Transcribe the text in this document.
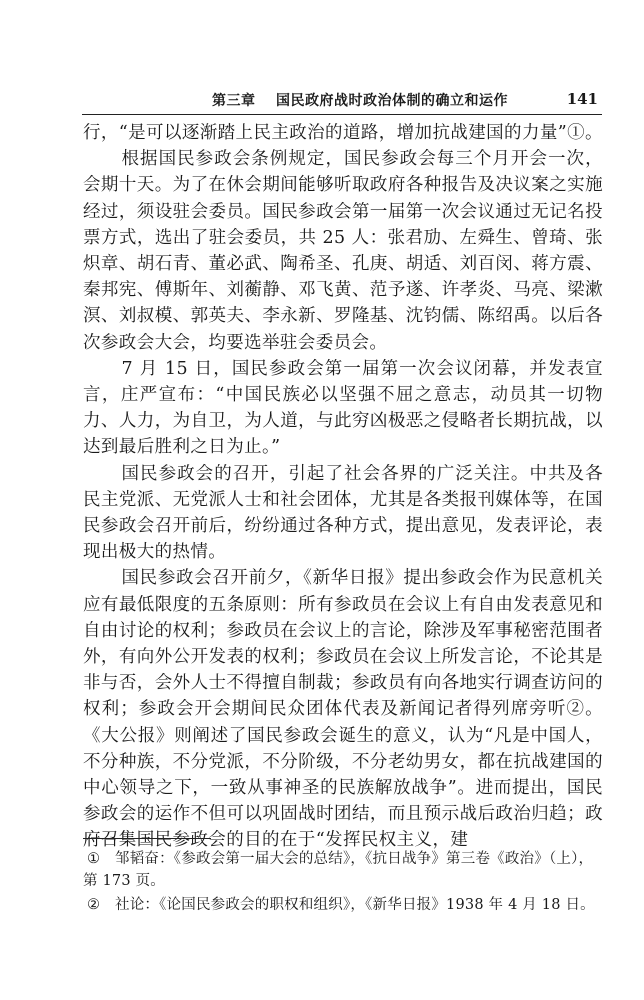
第三章 国民政府战时政治体制的确立和运作	141

行，“是可以逐渐踏上民主政治的道路，增加抗战建国的力量”①。

根据国民参政会条例规定，国民参政会每三个月开会一次，会期十天。为了在休会期间能够听取政府各种报告及决议案之实施经过，须设驻会委员。国民参政会第一届第一次会议通过无记名投票方式，选出了驻会委员，共 25 人：张君劢、左舜生、曾琦、张炽章、胡石青、董必武、陶希圣、孔庚、胡适、刘百闵、蒋方震、秦邦宪、傅斯年、刘蘅静、邓飞黄、范予遂、许孝炎、马亮、梁漱溟、刘叔模、郭英夫、李永新、罗隆基、沈钧儒、陈绍禹。以后各次参政会大会，均要选举驻会委员会。

7 月 15 日，国民参政会第一届第一次会议闭幕，并发表宣言，庄严宣布：“中国民族必以坚强不屈之意志，动员其一切物力、人力，为自卫，为人道，与此穷凶极恶之侵略者长期抗战，以达到最后胜利之日为止。”

国民参政会的召开，引起了社会各界的广泛关注。中共及各民主党派、无党派人士和社会团体，尤其是各类报刊媒体等，在国民参政会召开前后，纷纷通过各种方式，提出意见，发表评论，表现出极大的热情。

国民参政会召开前夕，《新华日报》提出参政会作为民意机关应有最低限度的五条原则：所有参政员在会议上有自由发表意见和自由讨论的权利；参政员在会议上的言论，除涉及军事秘密范围者外，有向外公开发表的权利；参政员在会议上所发言论，不论其是非与否，会外人士不得擅自制裁；参政员有向各地实行调查访问的权利；参政会开会期间民众团体代表及新闻记者得列席旁听②。《大公报》则阐述了国民参政会诞生的意义，认为“凡是中国人，不分种族，不分党派，不分阶级，不分老幼男女，都在抗战建国的中心领导之下，一致从事神圣的民族解放战争”。进而提出，国民参政会的运作不但可以巩固战时团结，而且预示战后政治归趋；政府召集国民参政会的目的在于“发挥民权主义，建

① 邹韬奋：《参政会第一届大会的总结》，《抗日战争》第三卷《政治》（上），第 173 页。
② 社论：《论国民参政会的职权和组织》，《新华日报》1938 年 4 月 18 日。
